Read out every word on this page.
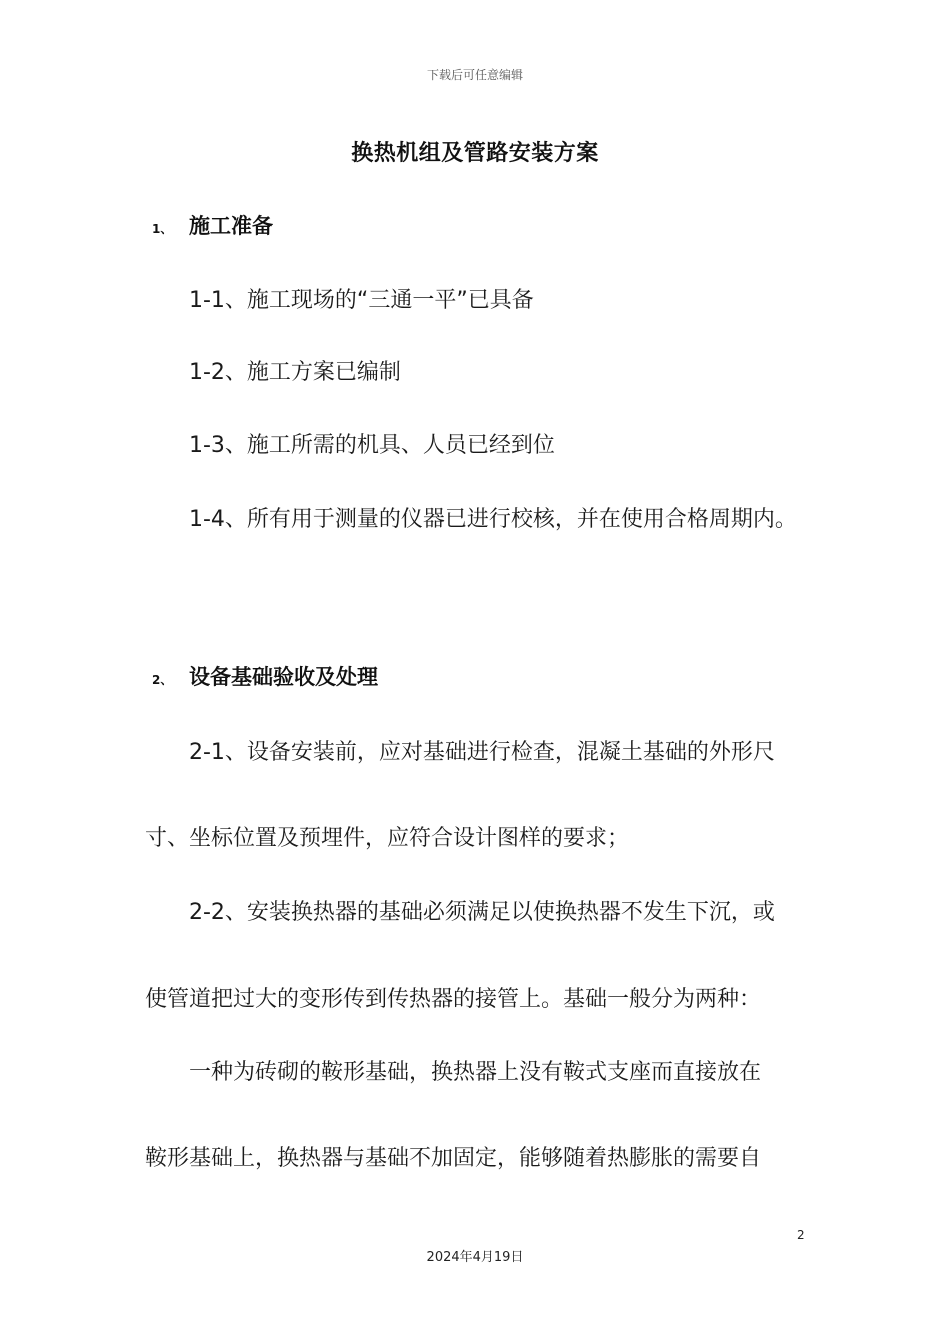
下载后可任意编辑
换热机组及管路安装方案
1、 施工准备
1-1、施工现场的“三通一平”已具备
1-2、施工方案已编制
1-3、施工所需的机具、人员已经到位
1-4、所有用于测量的仪器已进行校核，并在使用合格周期内。
2、 设备基础验收及处理
2-1、设备安装前，应对基础进行检查，混凝土基础的外形尺
寸、坐标位置及预埋件，应符合设计图样的要求；
2-2、安装换热器的基础必须满足以使换热器不发生下沉，或
使管道把过大的变形传到传热器的接管上。基础一般分为两种：
一种为砖砌的鞍形基础，换热器上没有鞍式支座而直接放在
鞍形基础上，换热器与基础不加固定，能够随着热膨胀的需要自
2
2024年4月19日
